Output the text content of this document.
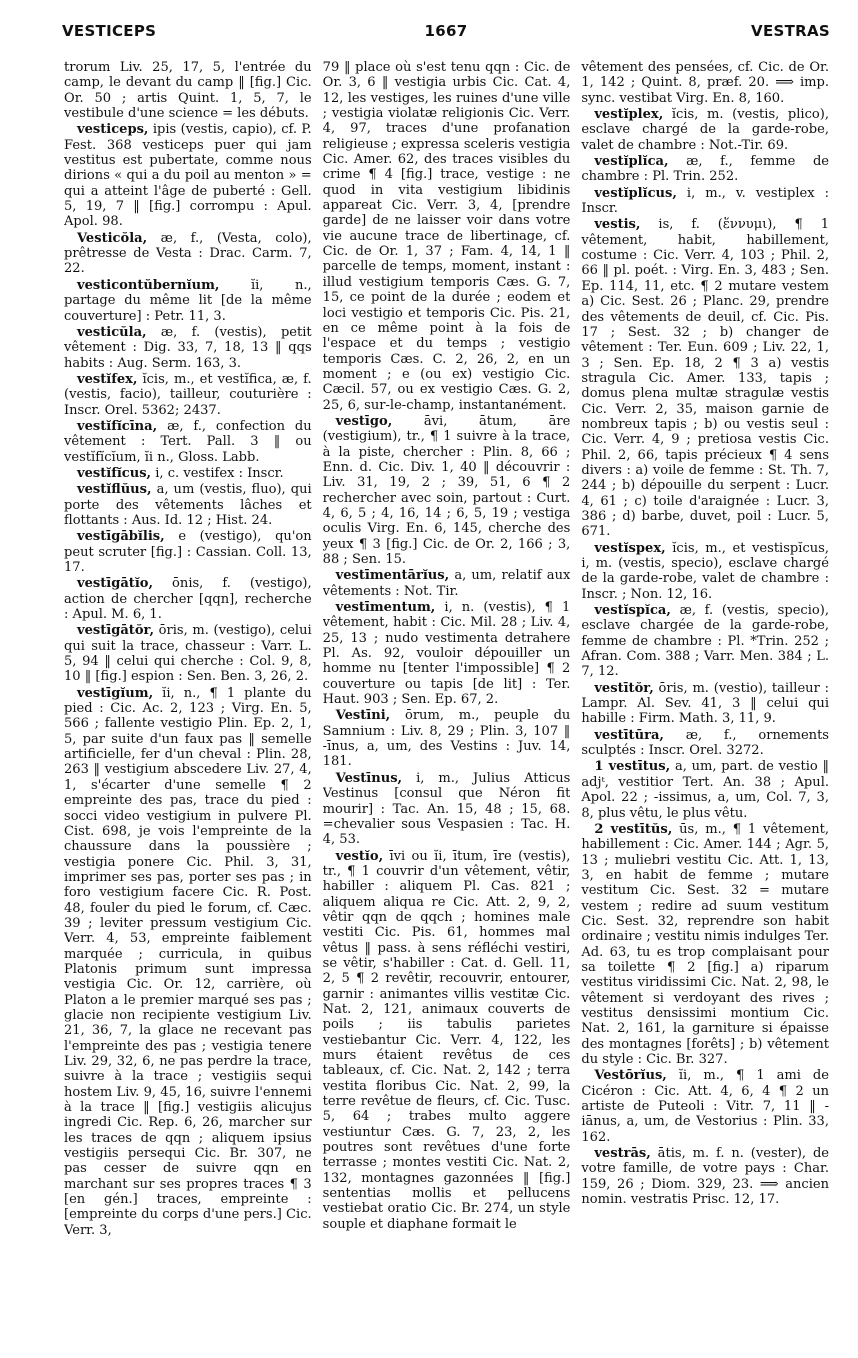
VESTICEPS	1667	VESTRAS

trorum Liv. 25, 17, 5, l'entrée du camp, le devant du camp ‖ [fig.] Cic. Or. 50 ; artis Quint. 1, 5, 7, le vestibule d'une science = les débuts.

vesticeps, ipis (vestis, capio), cf. P. Fest. 368 vesticeps puer qui jam vestitus est pubertate, comme nous dirions « qui a du poil au menton » = qui a atteint l'âge de puberté : Gell. 5, 19, 7 ‖ [fig.] corrompu : Apul. Apol. 98.

Vesticŏla, æ, f., (Vesta, colo), prêtresse de Vesta : Drac. Carm. 7, 22.

vesticontŭbernĭum, ĭi, n., partage du même lit [de la même couverture] : Petr. 11, 3.

vesticŭla, æ, f. (vestis), petit vêtement : Dig. 33, 7, 18, 13 ‖ qqs habits : Aug. Serm. 163, 3.

vestĭfex, ĭcis, m., et vestĭfica, æ, f. (vestis, facio), tailleur, couturière : Inscr. Orel. 5362; 2437.

vestĭfĭcīna, æ, f., confection du vêtement : Tert. Pall. 3 ‖ ou vestĭfĭcĭum, ĭi n., Gloss. Labb.

vestĭfĭcus, i, c. vestifex : Inscr.

vestĭflŭus, a, um (vestis, fluo), qui porte des vêtements lâches et flottants : Aus. Id. 12 ; Hist. 24.

vestīgābĭlis, e (vestigo), qu'on peut scruter [fig.] : Cassian. Coll. 13, 17.

vestīgātĭo, ōnis, f. (vestigo), action de chercher [qqn], recherche : Apul. M. 6, 1.

vestīgātŏr, ōris, m. (vestigo), celui qui suit la trace, chasseur : Varr. L. 5, 94 ‖ celui qui cherche : Col. 9, 8, 10 ‖ [fig.] espion : Sen. Ben. 3, 26, 2.

vestīgĭum, ĭi, n., ¶ 1 plante du pied : Cic. Ac. 2, 123 ; Virg. En. 5, 566 ; fallente vestigio Plin. Ep. 2, 1, 5, par suite d'un faux pas ‖ semelle artificielle, fer d'un cheval : Plin. 28, 263 ‖ vestigium abscedere Liv. 27, 4, 1, s'écarter d'une semelle ¶ 2 empreinte des pas, trace du pied : socci video vestigium in pulvere Pl. Cist. 698, je vois l'empreinte de la chaussure dans la poussière ; vestigia ponere Cic. Phil. 3, 31, imprimer ses pas, porter ses pas ; in foro vestigium facere Cic. R. Post. 48, fouler du pied le forum, cf. Cæc. 39 ; leviter pressum vestigium Cic. Verr. 4, 53, empreinte faiblement marquée ; curricula, in quibus Platonis primum sunt impressa vestigia Cic. Or. 12, carrière, où Platon a le premier marqué ses pas ; glacie non recipiente vestigium Liv. 21, 36, 7, la glace ne recevant pas l'empreinte des pas ; vestigia tenere Liv. 29, 32, 6, ne pas perdre la trace, suivre à la trace ; vestigiis sequi hostem Liv. 9, 45, 16, suivre l'ennemi à la trace ‖ [fig.] vestigiis alicujus ingredi Cic. Rep. 6, 26, marcher sur les traces de qqn ; aliquem ipsius vestigiis persequi Cic. Br. 307, ne pas cesser de suivre qqn en marchant sur ses propres traces ¶ 3 [en gén.] traces, empreinte : [empreinte du corps d'une pers.] Cic. Verr. 3,

79 ‖ place où s'est tenu qqn : Cic. de Or. 3, 6 ‖ vestigia urbis Cic. Cat. 4, 12, les vestiges, les ruines d'une ville ; vestigia violatæ religionis Cic. Verr. 4, 97, traces d'une profanation religieuse ; expressa sceleris vestigia Cic. Amer. 62, des traces visibles du crime ¶ 4 [fig.] trace, vestige : ne quod in vita vestigium libidinis appareat Cic. Verr. 3, 4, [prendre garde] de ne laisser voir dans votre vie aucune trace de libertinage, cf. Cic. de Or. 1, 37 ; Fam. 4, 14, 1 ‖ parcelle de temps, moment, instant : illud vestigium temporis Cæs. G. 7, 15, ce point de la durée ; eodem et loci vestigio et temporis Cic. Pis. 21, en ce même point à la fois de l'espace et du temps ; vestigio temporis Cæs. C. 2, 26, 2, en un moment ; e (ou ex) vestigio Cic. Cæcil. 57, ou ex vestigio Cæs. G. 2, 25, 6, sur-le-champ, instantanément.

vestīgo, āvi, ātum, āre (vestigium), tr., ¶ 1 suivre à la trace, à la piste, chercher : Plin. 8, 66 ; Enn. d. Cic. Div. 1, 40 ‖ découvrir : Liv. 31, 19, 2 ; 39, 51, 6 ¶ 2 rechercher avec soin, partout : Curt. 4, 6, 5 ; 4, 16, 14 ; 6, 5, 19 ; vestiga oculis Virg. En. 6, 145, cherche des yeux ¶ 3 [fig.] Cic. de Or. 2, 166 ; 3, 88 ; Sen. 15.

vestīmentārĭus, a, um, relatif aux vêtements : Not. Tir.

vestīmentum, i, n. (vestis), ¶ 1 vêtement, habit : Cic. Mil. 28 ; Liv. 4, 25, 13 ; nudo vestimenta detrahere Pl. As. 92, vouloir dépouiller un homme nu [tenter l'impossible] ¶ 2 couverture ou tapis [de lit] : Ter. Haut. 903 ; Sen. Ep. 67, 2.

Vestīni, ōrum, m., peuple du Samnium : Liv. 8, 29 ; Plin. 3, 107 ‖ -īnus, a, um, des Vestins : Juv. 14, 181.

Vestīnus, i, m., Julius Atticus Vestinus [consul que Néron fit mourir] : Tac. An. 15, 48 ; 15, 68. =chevalier sous Vespasien : Tac. H. 4, 53.

vestĭo, īvi ou ĭi, ītum, īre (vestis), tr., ¶ 1 couvrir d'un vêtement, vêtir, habiller : aliquem Pl. Cas. 821 ; aliquem aliqua re Cic. Att. 2, 9, 2, vêtir qqn de qqch ; homines male vestiti Cic. Pis. 61, hommes mal vêtus ‖ pass. à sens réfléchi vestiri, se vêtir, s'habiller : Cat. d. Gell. 11, 2, 5 ¶ 2 revêtir, recouvrir, entourer, garnir : animantes villis vestitæ Cic. Nat. 2, 121, animaux couverts de poils ; iis tabulis parietes vestiebantur Cic. Verr. 4, 122, les murs étaient revêtus de ces tableaux, cf. Cic. Nat. 2, 142 ; terra vestita floribus Cic. Nat. 2, 99, la terre revêtue de fleurs, cf. Cic. Tusc. 5, 64 ; trabes multo aggere vestiuntur Cæs. G. 7, 23, 2, les poutres sont revêtues d'une forte terrasse ; montes vestiti Cic. Nat. 2, 132, montagnes gazonnées ‖ [fig.] sententias mollis et pellucens vestiebat oratio Cic. Br. 274, un style souple et diaphane formait le

vêtement des pensées, cf. Cic. de Or. 1, 142 ; Quint. 8, præf. 20. ⟹ imp. sync. vestibat Virg. En. 8, 160.

vestĭplex, ĭcis, m. (vestis, plico), esclave chargé de la garde-robe, valet de chambre : Not.-Tir. 69.

vestĭplĭca, æ, f., femme de chambre : Pl. Trin. 252.

vestĭplĭcus, i, m., v. vestiplex : Inscr.

vestis, is, f. (ἕννυμι), ¶ 1 vêtement, habit, habillement, costume : Cic. Verr. 4, 103 ; Phil. 2, 66 ‖ pl. poét. : Virg. En. 3, 483 ; Sen. Ep. 114, 11, etc. ¶ 2 mutare vestem a) Cic. Sest. 26 ; Planc. 29, prendre des vêtements de deuil, cf. Cic. Pis. 17 ; Sest. 32 ; b) changer de vêtement : Ter. Eun. 609 ; Liv. 22, 1, 3 ; Sen. Ep. 18, 2 ¶ 3 a) vestis stragula Cic. Amer. 133, tapis ; domus plena multæ stragulæ vestis Cic. Verr. 2, 35, maison garnie de nombreux tapis ; b) ou vestis seul : Cic. Verr. 4, 9 ; pretiosa vestis Cic. Phil. 2, 66, tapis précieux ¶ 4 sens divers : a) voile de femme : St. Th. 7, 244 ; b) dépouille du serpent : Lucr. 4, 61 ; c) toile d'araignée : Lucr. 3, 386 ; d) barbe, duvet, poil : Lucr. 5, 671.

vestĭspex, ĭcis, m., et vestispĭcus, i, m. (vestis, specio), esclave chargé de la garde-robe, valet de chambre : Inscr. ; Non. 12, 16.

vestĭspĭca, æ, f. (vestis, specio), esclave chargée de la garde-robe, femme de chambre : Pl. *Trin. 252 ; Afran. Com. 388 ; Varr. Men. 384 ; L. 7, 12.

vestītŏr, ōris, m. (vestio), tailleur : Lampr. Al. Sev. 41, 3 ‖ celui qui habille : Firm. Math. 3, 11, 9.

vestītūra, æ, f., ornements sculptés : Inscr. Orel. 3272.

1 vestītus, a, um, part. de vestio ‖ adjᵗ, vestitior Tert. An. 38 ; Apul. Apol. 22 ; -issimus, a, um, Col. 7, 3, 8, plus vêtu, le plus vêtu.

2 vestītŭs, ūs, m., ¶ 1 vêtement, habillement : Cic. Amer. 144 ; Agr. 5, 13 ; muliebri vestitu Cic. Att. 1, 13, 3, en habit de femme ; mutare vestitum Cic. Sest. 32 = mutare vestem ; redire ad suum vestitum Cic. Sest. 32, reprendre son habit ordinaire ; vestitu nimis indulges Ter. Ad. 63, tu es trop complaisant pour sa toilette ¶ 2 [fig.] a) riparum vestitus viridissimi Cic. Nat. 2, 98, le vêtement si verdoyant des rives ; vestitus densissimi montium Cic. Nat. 2, 161, la garniture si épaisse des montagnes [forêts] ; b) vêtement du style : Cic. Br. 327.

Vestōrĭus, ĭi, m., ¶ 1 ami de Cicéron : Cic. Att. 4, 6, 4 ¶ 2 un artiste de Puteoli : Vitr. 7, 11 ‖ -iānus, a, um, de Vestorius : Plin. 33, 162.

vestrās, ātis, m. f. n. (vester), de votre famille, de votre pays : Char. 159, 26 ; Diom. 329, 23. ⟹ ancien nomin. vestratis Prisc. 12, 17.
